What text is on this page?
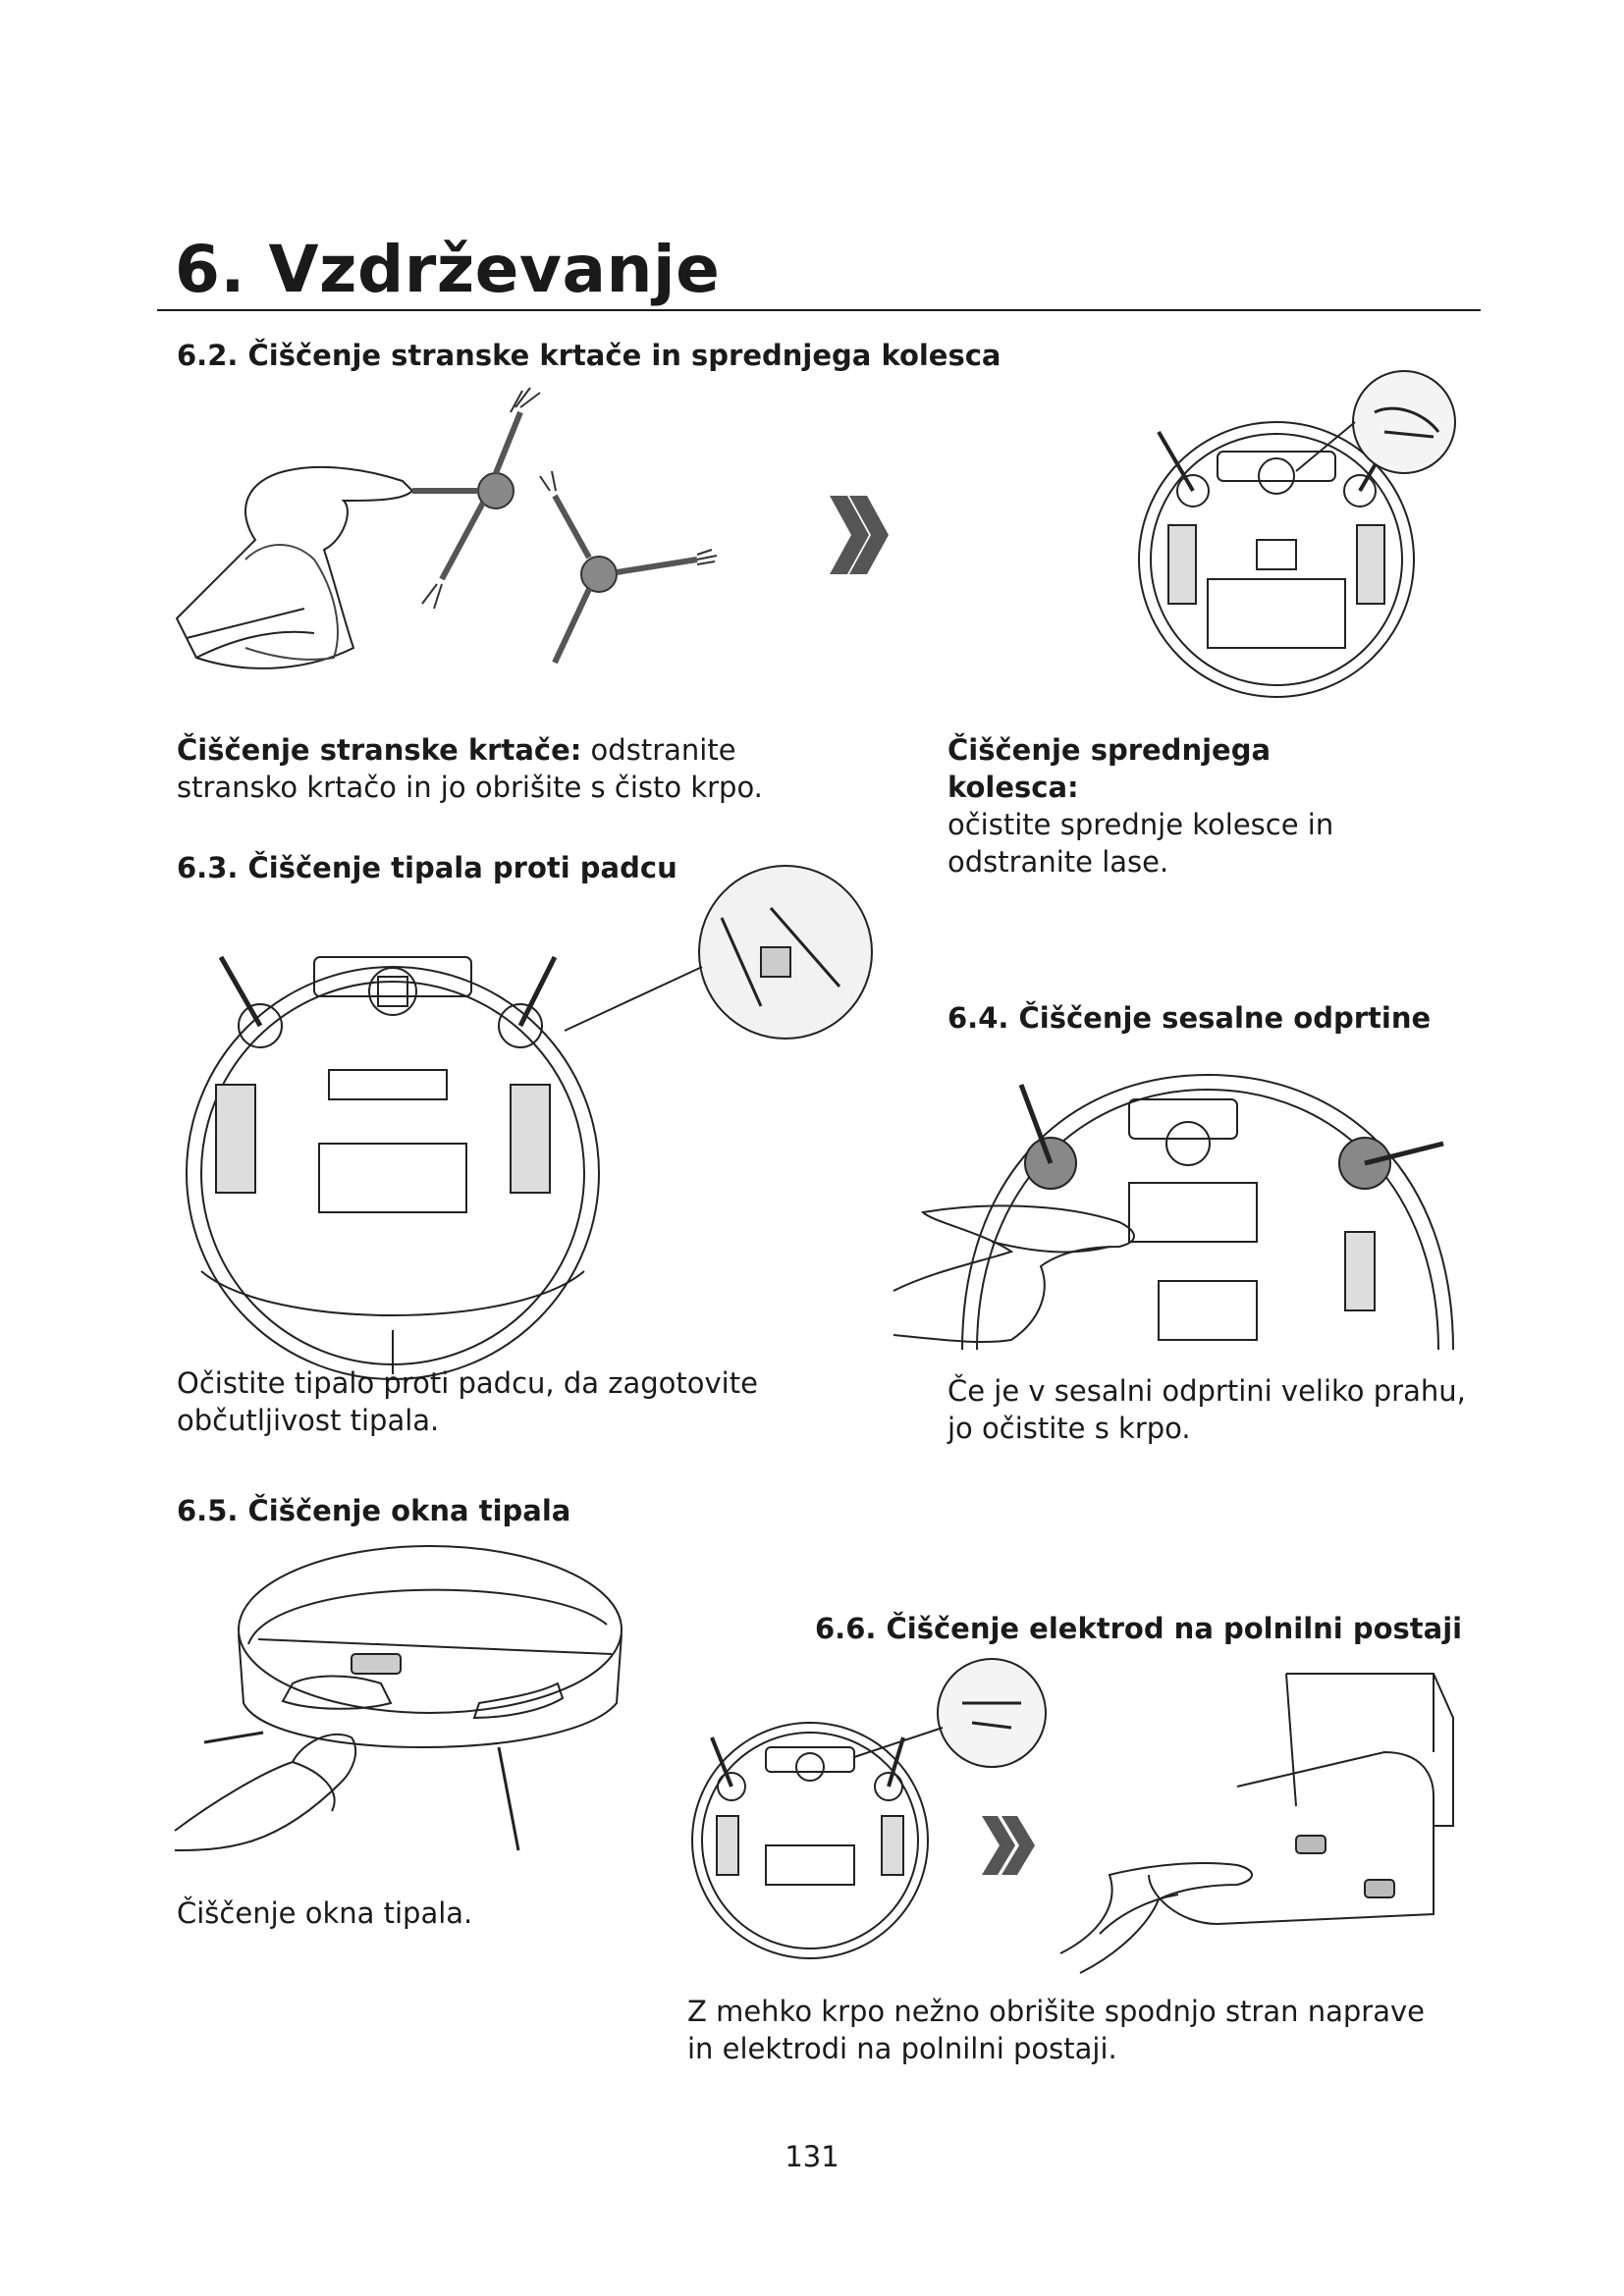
6. Vzdrževanje
6.2. Čiščenje stranske krtače in sprednjega kolesca
Čiščenje stranske krtače: odstranite stransko krtačo in jo obrišite s čisto krpo.
Čiščenje sprednjega kolesca:
očistite sprednje kolesce in odstranite lase.
6.3. Čiščenje tipala proti padcu
Očistite tipalo proti padcu, da zagotovite občutljivost tipala.
6.4. Čiščenje sesalne odprtine
Če je v sesalni odprtini veliko prahu, jo očistite s krpo.
6.5. Čiščenje okna tipala
Čiščenje okna tipala.
6.6. Čiščenje elektrod na polnilni postaji
Z mehko krpo nežno obrišite spodnjo stran naprave in elektrodi na polnilni postaji.
131
